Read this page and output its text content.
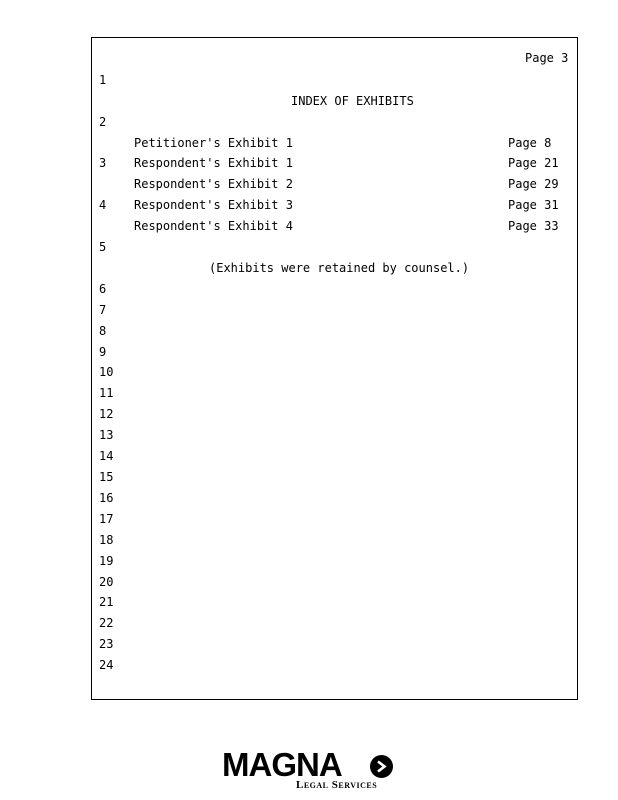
Page 3
1
2
3
4
5
6
7
8
9
10
11
12
13
14
15
16
17
18
19
20
21
22
23
24
INDEX OF EXHIBITS
Petitioner's Exhibit 1	Page 8
Respondent's Exhibit 1	Page 21
Respondent's Exhibit 2	Page 29
Respondent's Exhibit 3	Page 31
Respondent's Exhibit 4	Page 33
(Exhibits were retained by counsel.)
MAGNA
Legal Services
